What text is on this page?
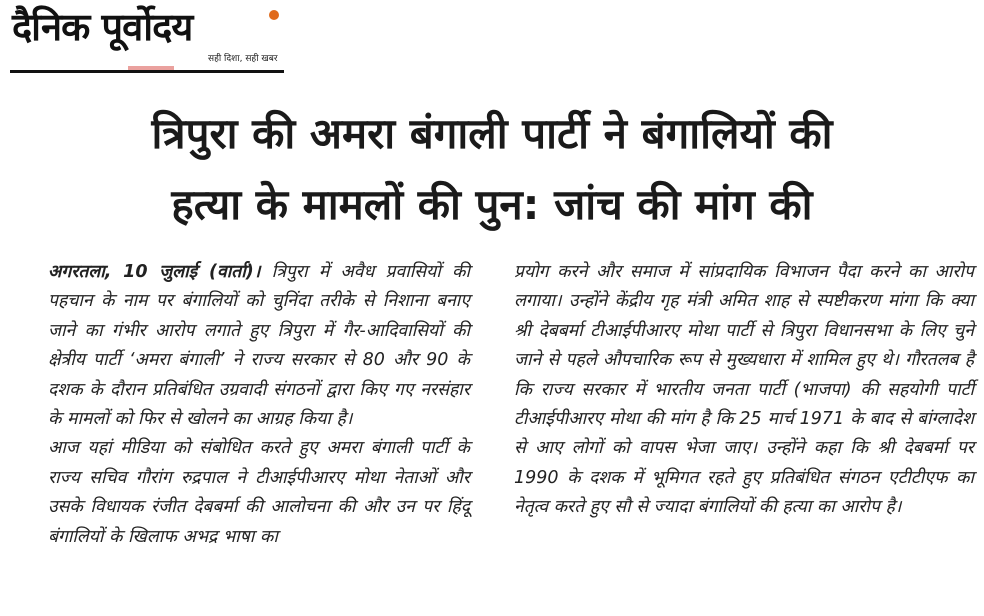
दैनिक पूर्वोदय
सही दिशा, सही खबर
त्रिपुरा की अमरा बंगाली पार्टी ने बंगालियों की
हत्या के मामलों की पुन: जांच की मांग की

अगरतला, 10 जुलाई (वार्ता)। त्रिपुरा में अवैध प्रवासियों की पहचान के नाम पर बंगालियों को चुनिंदा तरीके से निशाना बनाए जाने का गंभीर आरोप लगाते हुए त्रिपुरा में गैर-आदिवासियों की क्षेत्रीय पार्टी ‘अमरा बंगाली’ ने राज्य सरकार से 80 और 90 के दशक के दौरान प्रतिबंधित उग्रवादी संगठनों द्वारा किए गए नरसंहार के मामलों को फिर से खोलने का आग्रह किया है।

आज यहां मीडिया को संबोधित करते हुए अमरा बंगाली पार्टी के राज्य सचिव गौरांग रुद्रपाल ने टीआईपीआरए मोथा नेताओं और उसके विधायक रंजीत देबबर्मा की आलोचना की और उन पर हिंदू बंगालियों के खिलाफ अभद्र भाषा का

प्रयोग करने और समाज में सांप्रदायिक विभाजन पैदा करने का आरोप लगाया। उन्होंने केंद्रीय गृह मंत्री अमित शाह से स्पष्टीकरण मांगा कि क्या श्री देबबर्मा टीआईपीआरए मोथा पार्टी से त्रिपुरा विधानसभा के लिए चुने जाने से पहले औपचारिक रूप से मुख्यधारा में शामिल हुए थे। गौरतलब है कि राज्य सरकार में भारतीय जनता पार्टी (भाजपा) की सहयोगी पार्टी टीआईपीआरए मोथा की मांग है कि 25 मार्च 1971 के बाद से बांग्लादेश से आए लोगों को वापस भेजा जाए। उन्होंने कहा कि श्री देबबर्मा पर 1990 के दशक में भूमिगत रहते हुए प्रतिबंधित संगठन एटीटीएफ का नेतृत्व करते हुए सौ से ज्यादा बंगालियों की हत्या का आरोप है।
